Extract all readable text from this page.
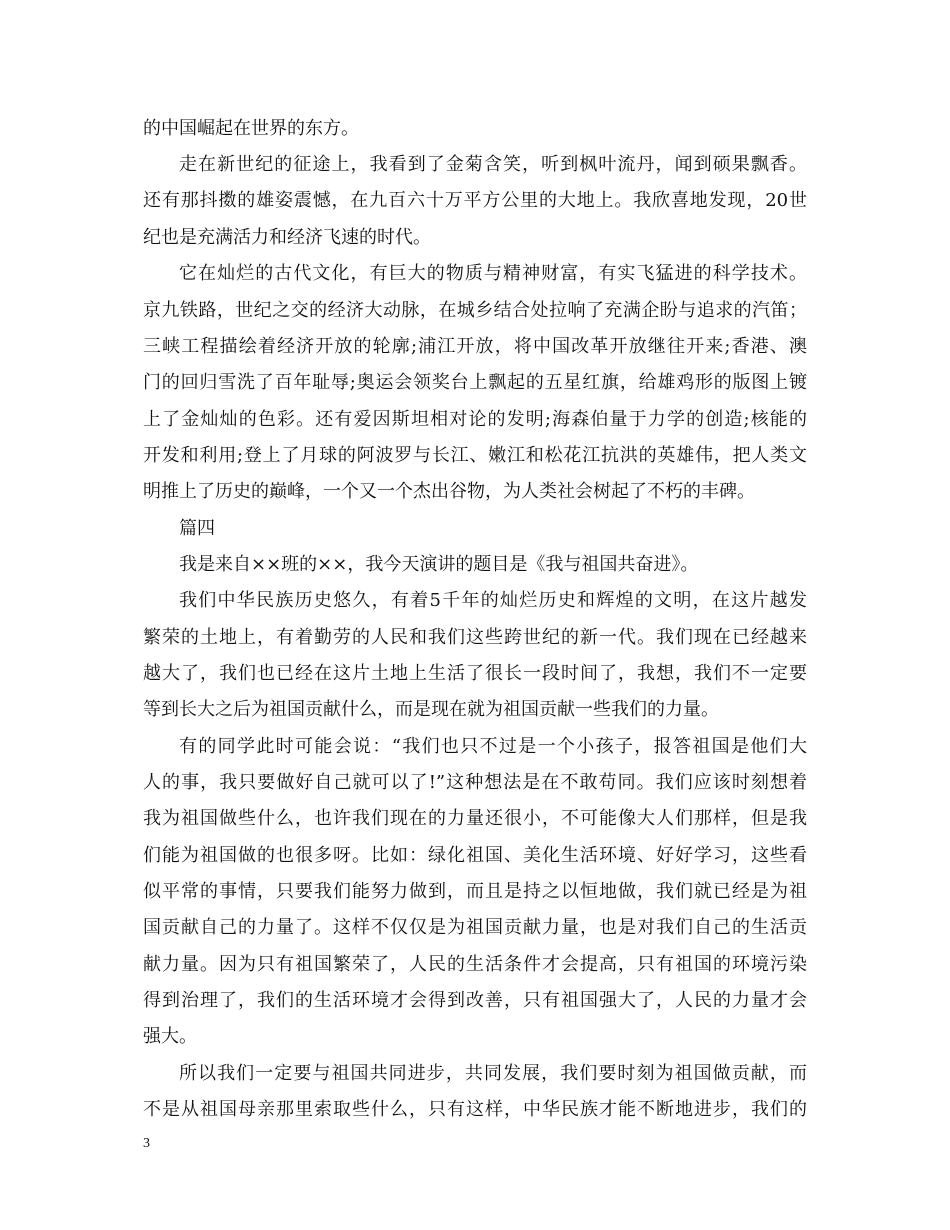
的中国崛起在世界的东方。
走在新世纪的征途上，我看到了金菊含笑，听到枫叶流丹，闻到硕果飘香。
还有那抖擞的雄姿震憾，在九百六十万平方公里的大地上。我欣喜地发现，20世
纪也是充满活力和经济飞速的时代。
它在灿烂的古代文化，有巨大的物质与精神财富，有实飞猛进的科学技术。
京九铁路，世纪之交的经济大动脉，在城乡结合处拉响了充满企盼与追求的汽笛；
三峡工程描绘着经济开放的轮廓;浦江开放，将中国改革开放继往开来;香港、澳
门的回归雪洗了百年耻辱;奥运会领奖台上飘起的五星红旗，给雄鸡形的版图上镀
上了金灿灿的色彩。还有爱因斯坦相对论的发明;海森伯量于力学的创造;核能的
开发和利用;登上了月球的阿波罗与长江、嫩江和松花江抗洪的英雄伟，把人类文
明推上了历史的巅峰，一个又一个杰出谷物，为人类社会树起了不朽的丰碑。
篇四
我是来自××班的××，我今天演讲的题目是《我与祖国共奋进》。
我们中华民族历史悠久，有着5千年的灿烂历史和辉煌的文明，在这片越发
繁荣的土地上，有着勤劳的人民和我们这些跨世纪的新一代。我们现在已经越来
越大了，我们也已经在这片土地上生活了很长一段时间了，我想，我们不一定要
等到长大之后为祖国贡献什么，而是现在就为祖国贡献一些我们的力量。
有的同学此时可能会说：“我们也只不过是一个小孩子，报答祖国是他们大
人的事，我只要做好自己就可以了!”这种想法是在不敢苟同。我们应该时刻想着
我为祖国做些什么，也许我们现在的力量还很小，不可能像大人们那样，但是我
们能为祖国做的也很多呀。比如：绿化祖国、美化生活环境、好好学习，这些看
似平常的事情，只要我们能努力做到，而且是持之以恒地做，我们就已经是为祖
国贡献自己的力量了。这样不仅仅是为祖国贡献力量，也是对我们自己的生活贡
献力量。因为只有祖国繁荣了，人民的生活条件才会提高，只有祖国的环境污染
得到治理了，我们的生活环境才会得到改善，只有祖国强大了，人民的力量才会
强大。
所以我们一定要与祖国共同进步，共同发展，我们要时刻为祖国做贡献，而
不是从祖国母亲那里索取些什么，只有这样，中华民族才能不断地进步，我们的
3
